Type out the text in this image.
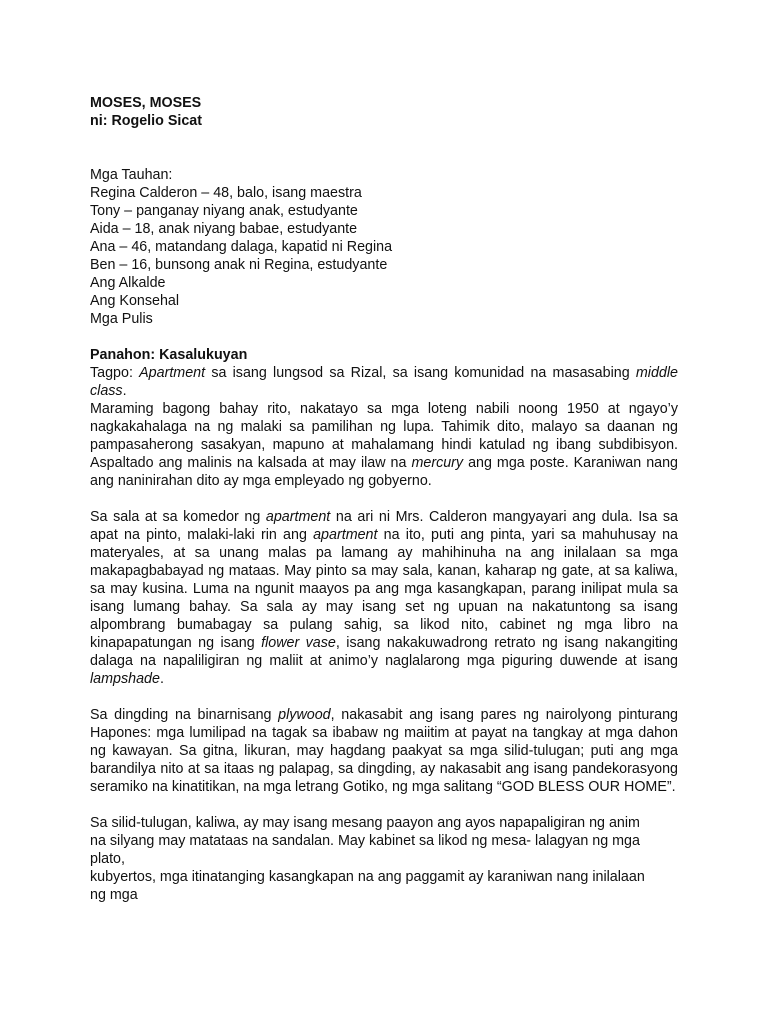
MOSES, MOSES
ni: Rogelio Sicat
Mga Tauhan:
Regina Calderon – 48, balo, isang maestra
Tony – panganay niyang anak, estudyante
Aida – 18, anak niyang babae, estudyante
Ana – 46, matandang dalaga, kapatid ni Regina
Ben – 16, bunsong anak ni Regina, estudyante
Ang Alkalde
Ang Konsehal
Mga Pulis
Panahon: Kasalukuyan
Tagpo: Apartment sa isang lungsod sa Rizal, sa isang komunidad na masasabing middle class.
Maraming bagong bahay rito, nakatayo sa mga loteng nabili noong 1950 at ngayo’y nagkakahalaga na ng malaki sa pamilihan ng lupa. Tahimik dito, malayo sa daanan ng pampasaherong sasakyan, mapuno at mahalamang hindi katulad ng ibang subdibisyon. Aspaltado ang malinis na kalsada at may ilaw na mercury ang mga poste. Karaniwan nang ang naninirahan dito ay mga empleyado ng gobyerno.
Sa sala at sa komedor ng apartment na ari ni Mrs. Calderon mangyayari ang dula. Isa sa apat na pinto, malaki-laki rin ang apartment na ito, puti ang pinta, yari sa mahuhusay na materyales, at sa unang malas pa lamang ay mahihinuha na ang inilalaan sa mga makapagbabayad ng mataas. May pinto sa may sala, kanan, kaharap ng gate, at sa kaliwa, sa may kusina. Luma na ngunit maayos pa ang mga kasangkapan, parang inilipat mula sa isang lumang bahay. Sa sala ay may isang set ng upuan na nakatuntong sa isang alpombrang bumabagay sa pulang sahig, sa likod nito, cabinet ng mga libro na kinapapatungan ng isang flower vase, isang nakakuwadrong retrato ng isang nakangiting dalaga na napaliligiran ng maliit at animo’y naglalarong mga piguring duwende at isang lampshade.
Sa dingding na binarnisang plywood, nakasabit ang isang pares ng nairolyong pinturang Hapones: mga lumilipad na tagak sa ibabaw ng maiitim at payat na tangkay at mga dahon ng kawayan. Sa gitna, likuran, may hagdang paakyat sa mga silid-tulugan; puti ang mga barandilya nito at sa itaas ng palapag, sa dingding, ay nakasabit ang isang pandekorasyong seramiko na kinatitikan, na mga letrang Gotiko, ng mga salitang “GOD BLESS OUR HOME”.
Sa silid-tulugan, kaliwa, ay may isang mesang paayon ang ayos napapaligiran ng anim
na silyang may matataas na sandalan. May kabinet sa likod ng mesa- lalagyan ng mga
plato,
kubyertos, mga itinatanging kasangkapan na ang paggamit ay karaniwan nang inilalaan
ng mga
